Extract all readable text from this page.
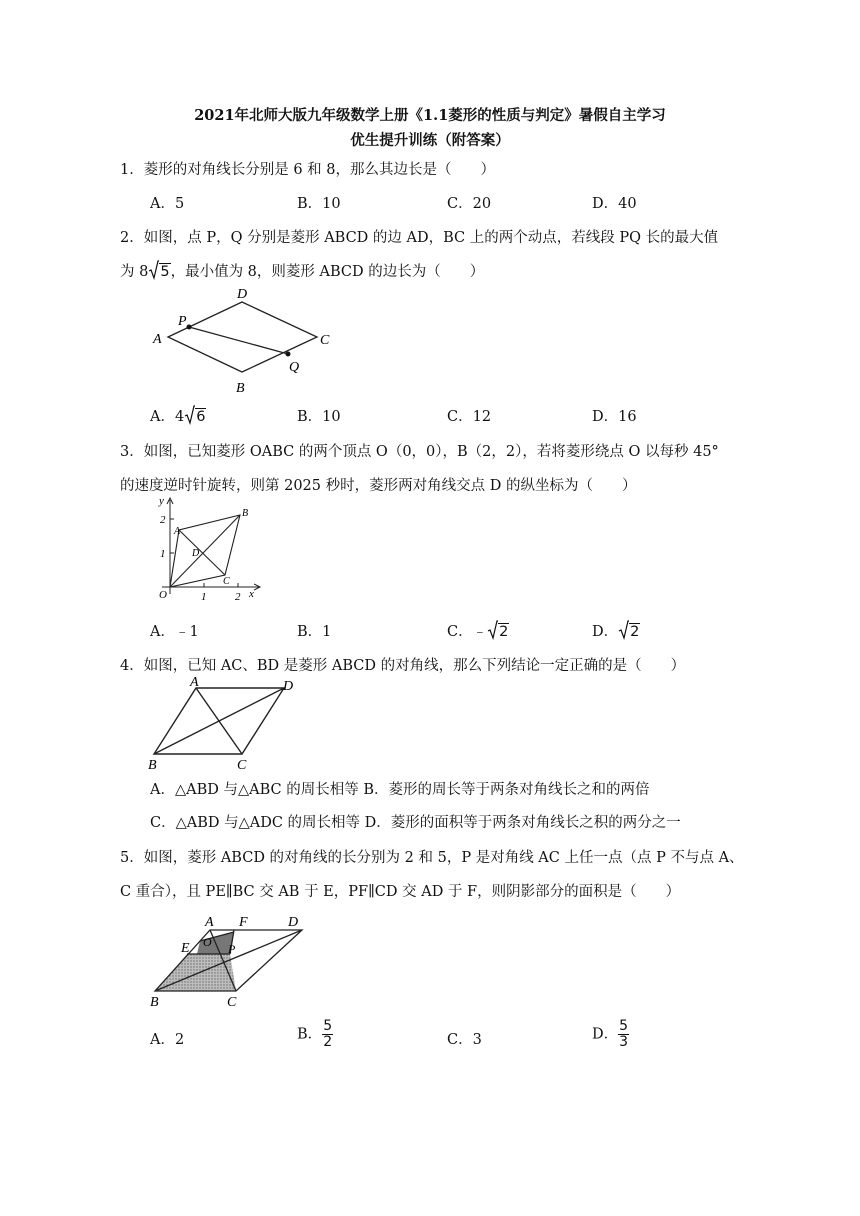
2021年北师大版九年级数学上册《1.1菱形的性质与判定》暑假自主学习
优生提升训练（附答案）
1．菱形的对角线长分别是 6 和 8，那么其边长是（　　）
A．5	B．10	C．20	D．40
2．如图，点 P，Q 分别是菱形 ABCD 的边 AD，BC 上的两个动点，若线段 PQ 长的最大值
为 8 5，最小值为 8，则菱形 ABCD 的边长为（　　）
A
B
C
D
P
Q
A．4 6	B．10	C．12	D．16
3．如图，已知菱形 OABC 的两个顶点 O（0，0），B（2，2），若将菱形绕点 O 以每秒 45°
的速度逆时针旋转，则第 2025 秒时，菱形两对角线交点 D 的纵坐标为（　　）
y
x
O
A
B
C
D
1
2
1	2
A．﹣1	B．1	C．﹣ 2	D． 2
4．如图，已知 AC、BD 是菱形 ABCD 的对角线，那么下列结论一定正确的是（　　）
A
B	C
D
A．△ABD 与△ABC 的周长相等 B．菱形的周长等于两条对角线长之和的两倍
C．△ABD 与△ADC 的周长相等 D．菱形的面积等于两条对角线长之积的两分之一
5．如图，菱形 ABCD 的对角线的长分别为 2 和 5，P 是对角线 AC 上任一点（点 P 不与点 A、
C 重合），且 PE∥BC 交 AB 于 E，PF∥CD 交 AD 于 F，则阴影部分的面积是（　　）
A
B	C
D
E
F
O P
A．2	B． $\frac{5}{2}$	C．3	D． $\frac{5}{3}$
